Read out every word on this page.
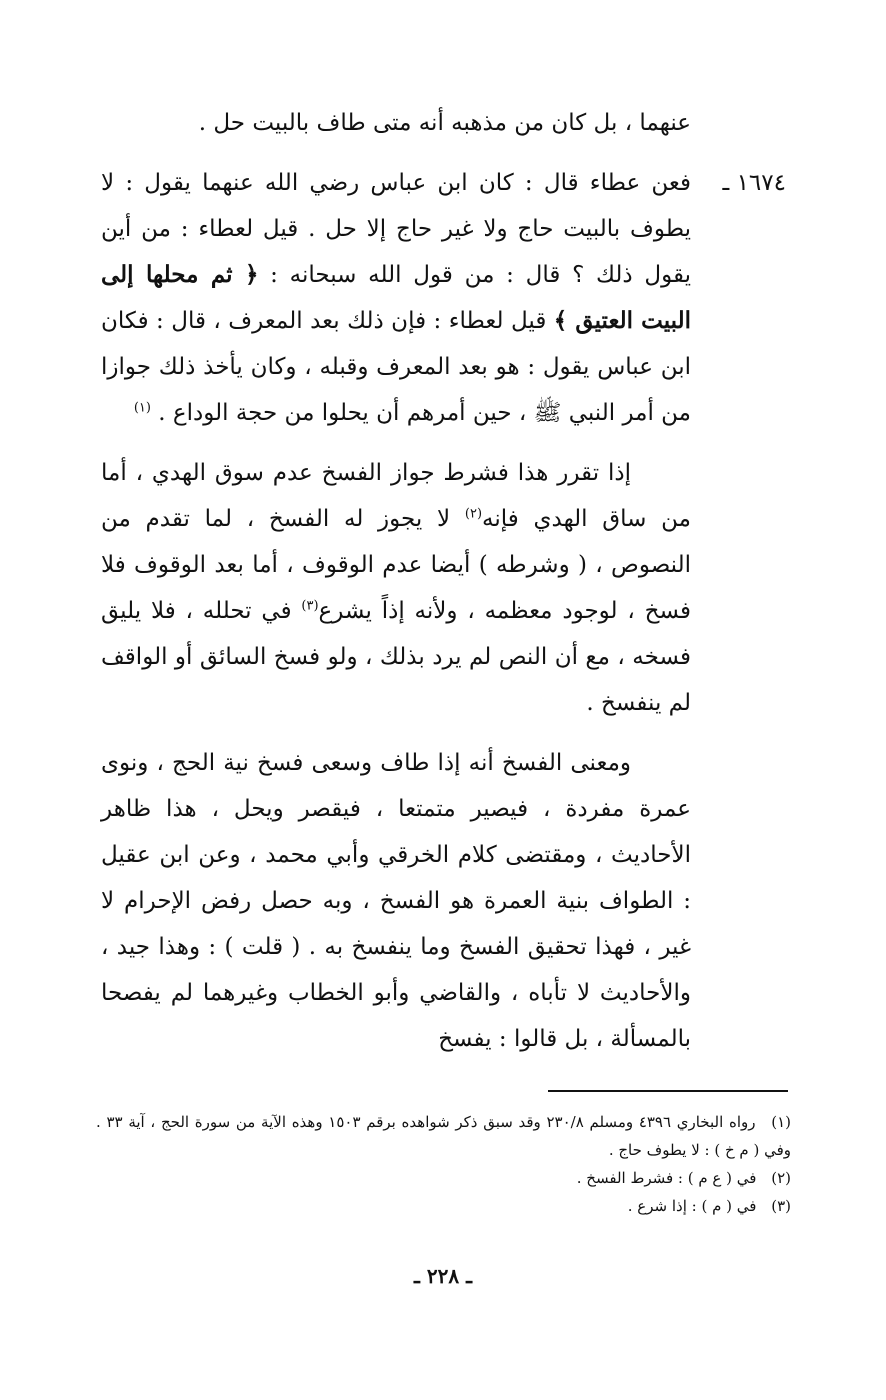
عنهما ، بل كان من مذهبه أنه متى طاف بالبيت حل .

١٦٧٤ ـ
فعن عطاء قال : كان ابن عباس رضي الله عنهما يقول : لا يطوف بالبيت حاج ولا غير حاج إلا حل . قيل لعطاء : من أين يقول ذلك ؟ قال : من قول الله سبحانه : ﴿ ثم محلها إلى البيت العتيق ﴾ قيل لعطاء : فإن ذلك بعد المعرف ، قال : فكان ابن عباس يقول : هو بعد المعرف وقبله ، وكان يأخذ ذلك جوازا من أمر النبي ﷺ ، حين أمرهم أن يحلوا من حجة الوداع . $^{(١)}$

إذا تقرر هذا فشرط جواز الفسخ عدم سوق الهدي ، أما من ساق الهدي فإنه$^{(٢)}$ لا يجوز له الفسخ ، لما تقدم من النصوص ، ( وشرطه ) أيضا عدم الوقوف ، أما بعد الوقوف فلا فسخ ، لوجود معظمه ، ولأنه إذاً يشرع$^{(٣)}$ في تحلله ، فلا يليق فسخه ، مع أن النص لم يرد بذلك ، ولو فسخ السائق أو الواقف لم ينفسخ .

ومعنى الفسخ أنه إذا طاف وسعى فسخ نية الحج ، ونوى عمرة مفردة ، فيصير متمتعا ، فيقصر ويحل ، هذا ظاهر الأحاديث ، ومقتضى كلام الخرقي وأبي محمد ، وعن ابن عقيل : الطواف بنية العمرة هو الفسخ ، وبه حصل رفض الإحرام لا غير ، فهذا تحقيق الفسخ وما ينفسخ به . ( قلت ) : وهذا جيد ، والأحاديث لا تأباه ، والقاضي وأبو الخطاب وغيرهما لم يفصحا بالمسألة ، بل قالوا : يفسخ

(١) رواه البخاري ٤٣٩٦ ومسلم ٢٣٠/٨ وقد سبق ذكر شواهده برقم ١٥٠٣ وهذه الآية من سورة الحج ، آية ٣٣ . وفي ( م خ ) : لا يطوف حاج .

(٢) في ( ع م ) : فشرط الفسخ .

(٣) في ( م ) : إذا شرع .

ـ ٢٢٨ ـ
